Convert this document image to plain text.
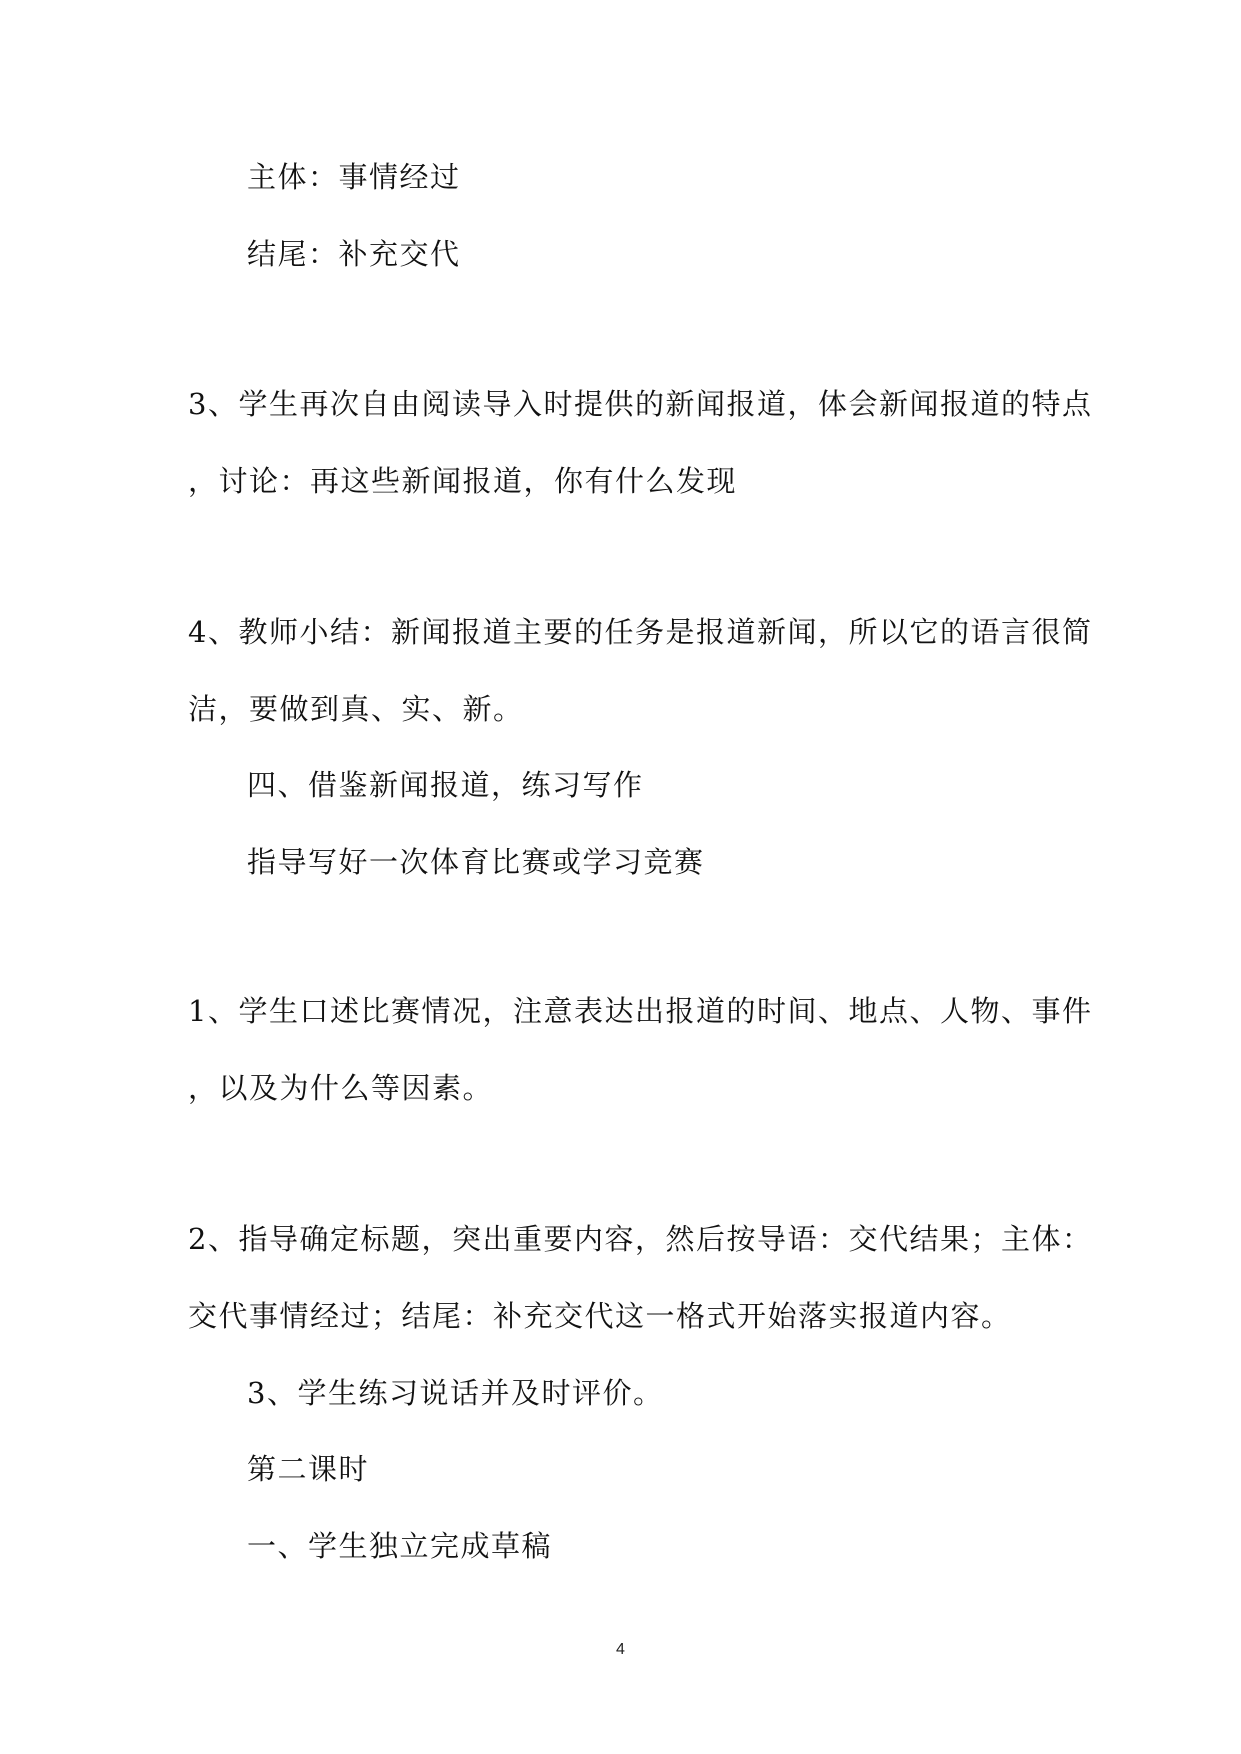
主体：事情经过
结尾：补充交代
3、学生再次自由阅读导入时提供的新闻报道，体会新闻报道的特点
，讨论：再这些新闻报道，你有什么发现
4、教师小结：新闻报道主要的任务是报道新闻，所以它的语言很简
洁，要做到真、实、新。
四、借鉴新闻报道，练习写作
指导写好一次体育比赛或学习竞赛
1、学生口述比赛情况，注意表达出报道的时间、地点、人物、事件
，以及为什么等因素。
2、指导确定标题，突出重要内容，然后按导语：交代结果；主体：
交代事情经过；结尾：补充交代这一格式开始落实报道内容。
3、学生练习说话并及时评价。
第二课时
一、学生独立完成草稿
4
